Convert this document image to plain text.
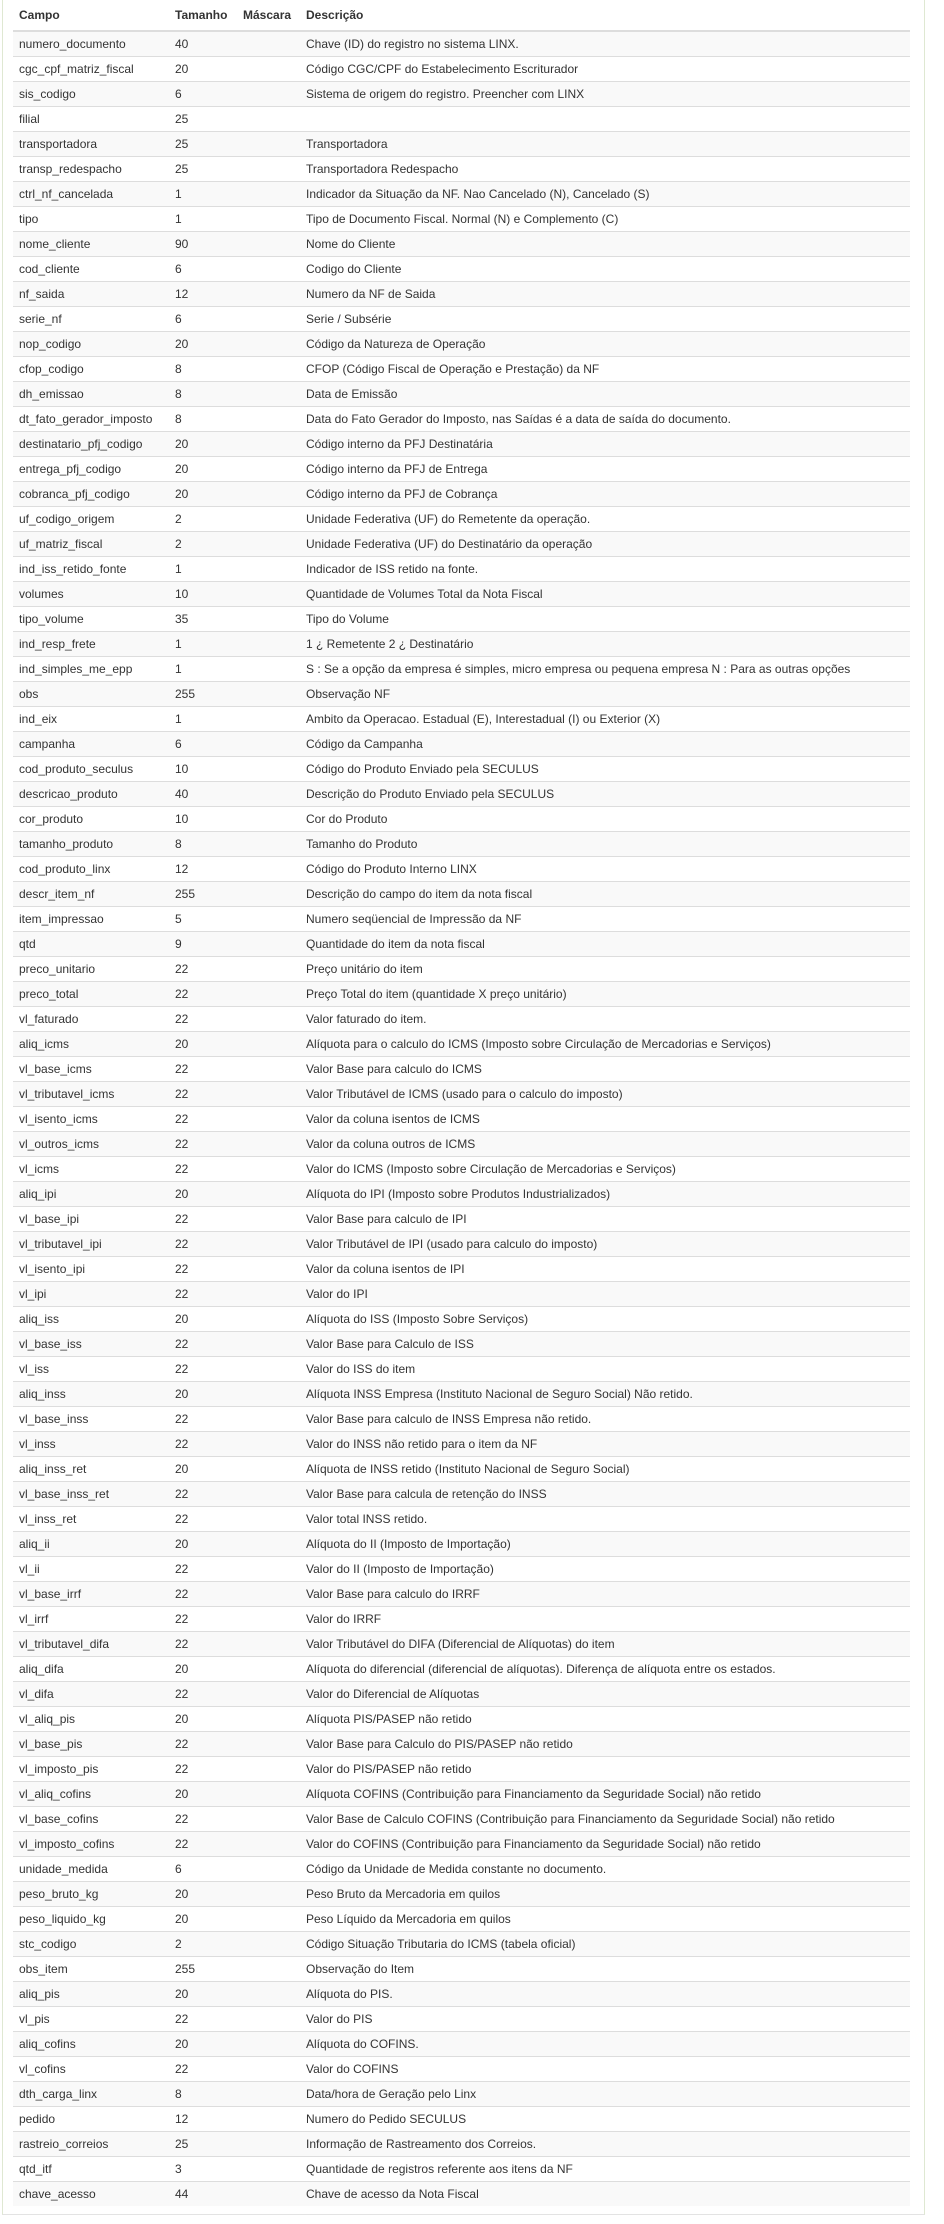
Campo	Tamanho	Máscara	Descrição
numero_documento	40		Chave (ID) do registro no sistema LINX.
cgc_cpf_matriz_fiscal	20		Código CGC/CPF do Estabelecimento Escriturador
sis_codigo	6		Sistema de origem do registro. Preencher com LINX
filial	25		
transportadora	25		Transportadora
transp_redespacho	25		Transportadora Redespacho
ctrl_nf_cancelada	1		Indicador da Situação da NF. Nao Cancelado (N), Cancelado (S)
tipo	1		Tipo de Documento Fiscal. Normal (N) e Complemento (C)
nome_cliente	90		Nome do Cliente
cod_cliente	6		Codigo do Cliente
nf_saida	12		Numero da NF de Saida
serie_nf	6		Serie / Subsérie
nop_codigo	20		Código da Natureza de Operação
cfop_codigo	8		CFOP (Código Fiscal de Operação e Prestação) da NF
dh_emissao	8		Data de Emissão
dt_fato_gerador_imposto	8		Data do Fato Gerador do Imposto, nas Saídas é a data de saída do documento.
destinatario_pfj_codigo	20		Código interno da PFJ Destinatária
entrega_pfj_codigo	20		Código interno da PFJ de Entrega
cobranca_pfj_codigo	20		Código interno da PFJ de Cobrança
uf_codigo_origem	2		Unidade Federativa (UF) do Remetente da operação.
uf_matriz_fiscal	2		Unidade Federativa (UF) do Destinatário da operação
ind_iss_retido_fonte	1		Indicador de ISS retido na fonte.
volumes	10		Quantidade de Volumes Total da Nota Fiscal
tipo_volume	35		Tipo do Volume
ind_resp_frete	1		1 ¿ Remetente 2 ¿ Destinatário
ind_simples_me_epp	1		S : Se a opção da empresa é simples, micro empresa ou pequena empresa N : Para as outras opções
obs	255		Observação NF
ind_eix	1		Ambito da Operacao. Estadual (E), Interestadual (I) ou Exterior (X)
campanha	6		Código da Campanha
cod_produto_seculus	10		Código do Produto Enviado pela SECULUS
descricao_produto	40		Descrição do Produto Enviado pela SECULUS
cor_produto	10		Cor do Produto
tamanho_produto	8		Tamanho do Produto
cod_produto_linx	12		Código do Produto Interno LINX
descr_item_nf	255		Descrição do campo do item da nota fiscal
item_impressao	5		Numero seqüencial de Impressão da NF
qtd	9		Quantidade do item da nota fiscal
preco_unitario	22		Preço unitário do item
preco_total	22		Preço Total do item (quantidade X preço unitário)
vl_faturado	22		Valor faturado do item.
aliq_icms	20		Alíquota para o calculo do ICMS (Imposto sobre Circulação de Mercadorias e Serviços)
vl_base_icms	22		Valor Base para calculo do ICMS
vl_tributavel_icms	22		Valor Tributável de ICMS (usado para o calculo do imposto)
vl_isento_icms	22		Valor da coluna isentos de ICMS
vl_outros_icms	22		Valor da coluna outros de ICMS
vl_icms	22		Valor do ICMS (Imposto sobre Circulação de Mercadorias e Serviços)
aliq_ipi	20		Alíquota do IPI (Imposto sobre Produtos Industrializados)
vl_base_ipi	22		Valor Base para calculo de IPI
vl_tributavel_ipi	22		Valor Tributável de IPI (usado para calculo do imposto)
vl_isento_ipi	22		Valor da coluna isentos de IPI
vl_ipi	22		Valor do IPI
aliq_iss	20		Alíquota do ISS (Imposto Sobre Serviços)
vl_base_iss	22		Valor Base para Calculo de ISS
vl_iss	22		Valor do ISS do item
aliq_inss	20		Alíquota INSS Empresa (Instituto Nacional de Seguro Social) Não retido.
vl_base_inss	22		Valor Base para calculo de INSS Empresa não retido.
vl_inss	22		Valor do INSS não retido para o item da NF
aliq_inss_ret	20		Alíquota de INSS retido (Instituto Nacional de Seguro Social)
vl_base_inss_ret	22		Valor Base para calcula de retenção do INSS
vl_inss_ret	22		Valor total INSS retido.
aliq_ii	20		Alíquota do II (Imposto de Importação)
vl_ii	22		Valor do II (Imposto de Importação)
vl_base_irrf	22		Valor Base para calculo do IRRF
vl_irrf	22		Valor do IRRF
vl_tributavel_difa	22		Valor Tributável do DIFA (Diferencial de Alíquotas) do item
aliq_difa	20		Alíquota do diferencial (diferencial de alíquotas). Diferença de alíquota entre os estados.
vl_difa	22		Valor do Diferencial de Alíquotas
vl_aliq_pis	20		Alíquota PIS/PASEP não retido
vl_base_pis	22		Valor Base para Calculo do PIS/PASEP não retido
vl_imposto_pis	22		Valor do PIS/PASEP não retido
vl_aliq_cofins	20		Alíquota COFINS (Contribuição para Financiamento da Seguridade Social) não retido
vl_base_cofins	22		Valor Base de Calculo COFINS (Contribuição para Financiamento da Seguridade Social) não retido
vl_imposto_cofins	22		Valor do COFINS (Contribuição para Financiamento da Seguridade Social) não retido
unidade_medida	6		Código da Unidade de Medida constante no documento.
peso_bruto_kg	20		Peso Bruto da Mercadoria em quilos
peso_liquido_kg	20		Peso Líquido da Mercadoria em quilos
stc_codigo	2		Código Situação Tributaria do ICMS (tabela oficial)
obs_item	255		Observação do Item
aliq_pis	20		Alíquota do PIS.
vl_pis	22		Valor do PIS
aliq_cofins	20		Alíquota do COFINS.
vl_cofins	22		Valor do COFINS
dth_carga_linx	8		Data/hora de Geração pelo Linx
pedido	12		Numero do Pedido SECULUS
rastreio_correios	25		Informação de Rastreamento dos Correios.
qtd_itf	3		Quantidade de registros referente aos itens da NF
chave_acesso	44		Chave de acesso da Nota Fiscal
